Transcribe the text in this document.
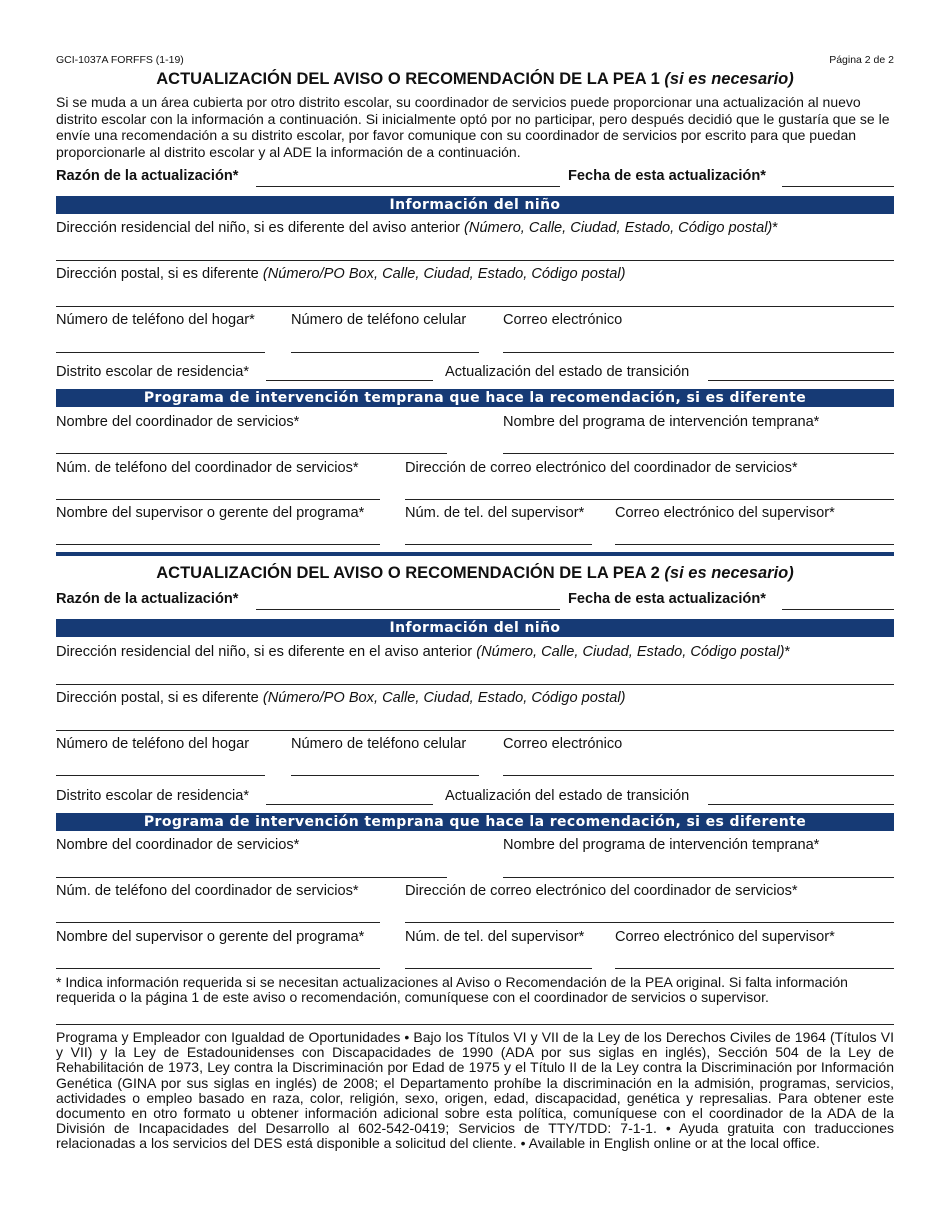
GCI-1037A FORFFS (1-19)	Página 2 de 2
ACTUALIZACIÓN DEL AVISO O RECOMENDACIÓN DE LA PEA 1 (si es necesario)
Si se muda a un área cubierta por otro distrito escolar, su coordinador de servicios puede proporcionar una actualización al nuevo distrito escolar con la información a continuación. Si inicialmente optó por no participar, pero después decidió que le gustaría que se le envíe una recomendación a su distrito escolar, por favor comunique con su coordinador de servicios por escrito para que puedan proporcionarle al distrito escolar y al ADE la información de a continuación.
Razón de la actualización*	Fecha de esta actualización*
Información del niño
Dirección residencial del niño, si es diferente del aviso anterior (Número, Calle, Ciudad, Estado, Código postal)*
Dirección postal, si es diferente (Número/PO Box, Calle, Ciudad, Estado, Código postal)
Número de teléfono del hogar* Número de teléfono celular	Correo electrónico
Distrito escolar de residencia*	Actualización del estado de transición
Programa de intervención temprana que hace la recomendación, si es diferente
Nombre del coordinador de servicios*	Nombre del programa de intervención temprana*
Núm. de teléfono del coordinador de servicios*	Dirección de correo electrónico del coordinador de servicios*
Nombre del supervisor o gerente del programa*	Núm. de tel. del supervisor* Correo electrónico del supervisor*
ACTUALIZACIÓN DEL AVISO O RECOMENDACIÓN DE LA PEA 2 (si es necesario)
Razón de la actualización*	Fecha de esta actualización*
Información del niño
Dirección residencial del niño, si es diferente en el aviso anterior (Número, Calle, Ciudad, Estado, Código postal)*
Dirección postal, si es diferente (Número/PO Box, Calle, Ciudad, Estado, Código postal)
Número de teléfono del hogar	Número de teléfono celular	Correo electrónico
Distrito escolar de residencia*	Actualización del estado de transición
Programa de intervención temprana que hace la recomendación, si es diferente
Nombre del coordinador de servicios*	Nombre del programa de intervención temprana*
Núm. de teléfono del coordinador de servicios*	Dirección de correo electrónico del coordinador de servicios*
Nombre del supervisor o gerente del programa*	Núm. de tel. del supervisor* Correo electrónico del supervisor*
* Indica información requerida si se necesitan actualizaciones al Aviso o Recomendación de la PEA original. Si falta información requerida o la página 1 de este aviso o recomendación, comuníquese con el coordinador de servicios o supervisor.
Programa y Empleador con Igualdad de Oportunidades • Bajo los Títulos VI y VII de la Ley de los Derechos Civiles de 1964 (Títulos VI y VII) y la Ley de Estadounidenses con Discapacidades de 1990 (ADA por sus siglas en inglés), Sección 504 de la Ley de Rehabilitación de 1973, Ley contra la Discriminación por Edad de 1975 y el Título II de la Ley contra la Discriminación por Información Genética (GINA por sus siglas en inglés) de 2008; el Departamento prohíbe la discriminación en la admisión, programas, servicios, actividades o empleo basado en raza, color, religión, sexo, origen, edad, discapacidad, genética y represalias. Para obtener este documento en otro formato u obtener información adicional sobre esta política, comuníquese con el coordinador de la ADA de la División de Incapacidades del Desarrollo al 602-542-0419; Servicios de TTY/TDD: 7-1-1. • Ayuda gratuita con traducciones relacionadas a los servicios del DES está disponible a solicitud del cliente. • Available in English online or at the local office.
